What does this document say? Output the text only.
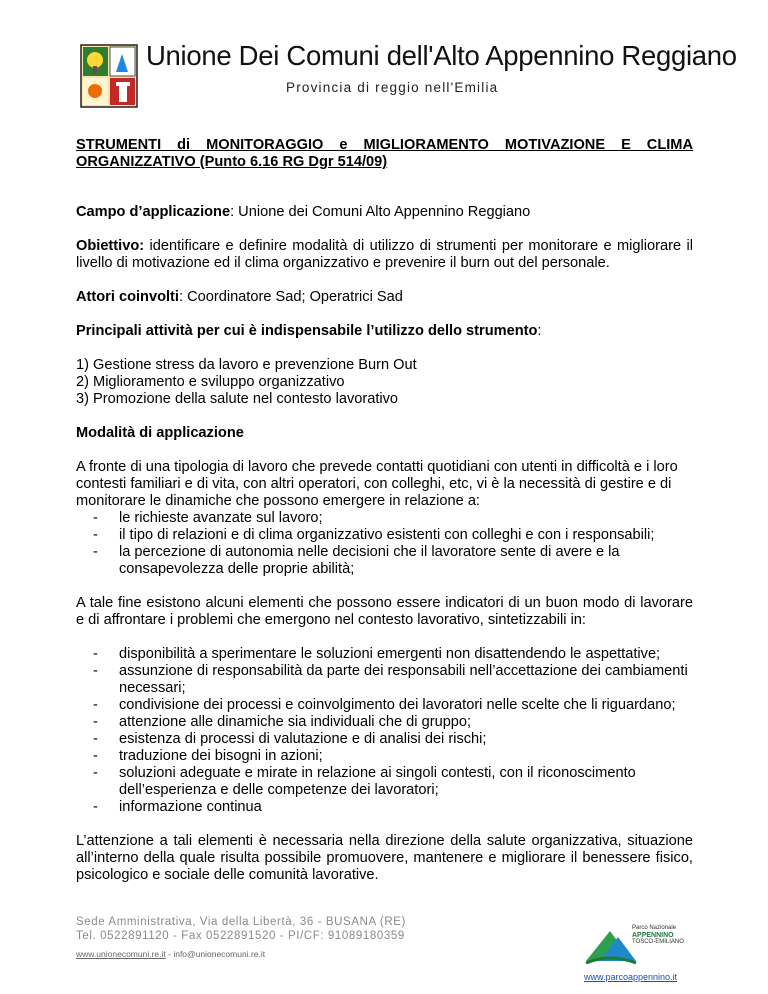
Unione Dei Comuni dell'Alto Appennino Reggiano
Provincia di reggio nell'Emilia

STRUMENTI di MONITORAGGIO e MIGLIORAMENTO MOTIVAZIONE E CLIMA ORGANIZZATIVO (Punto 6.16 RG Dgr 514/09)

Campo d’applicazione: Unione dei Comuni Alto Appennino Reggiano

Obiettivo: identificare e definire modalità di utilizzo di strumenti per monitorare e migliorare il livello di motivazione ed il clima organizzativo e prevenire il burn out del personale.

Attori coinvolti: Coordinatore Sad; Operatrici Sad

Principali attività per cui è indispensabile l’utilizzo dello strumento:

1) Gestione stress da lavoro e prevenzione Burn Out
2) Miglioramento e sviluppo organizzativo
3) Promozione della salute nel contesto lavorativo

Modalità di applicazione

A fronte di una tipologia di lavoro che prevede contatti quotidiani con utenti in difficoltà e i loro contesti familiari e di vita, con altri operatori, con colleghi, etc, vi è la necessità di gestire e di monitorare le dinamiche che possono emergere in relazione a:

- le richieste avanzate sul lavoro;
- il tipo di relazioni e di clima organizzativo esistenti con colleghi e con i responsabili;
- la percezione di autonomia nelle decisioni che il lavoratore sente di avere e la consapevolezza delle proprie abilità;

A tale fine esistono alcuni elementi che possono essere indicatori di un buon modo di lavorare e di affrontare i problemi che emergono nel contesto lavorativo, sintetizzabili in:

- disponibilità a sperimentare le soluzioni emergenti non disattendendo le aspettative;
- assunzione di responsabilità da parte dei responsabili nell’accettazione dei cambiamenti necessari;
- condivisione dei processi e coinvolgimento dei lavoratori nelle scelte che li riguardano;
- attenzione alle dinamiche sia individuali che di gruppo;
- esistenza di processi di valutazione e di analisi dei rischi;
- traduzione dei bisogni in azioni;
- soluzioni adeguate e mirate in relazione ai singoli contesti, con il riconoscimento dell’esperienza e delle competenze dei lavoratori;
- informazione continua

L’attenzione a tali elementi è necessaria nella direzione della salute organizzativa, situazione all’interno della quale risulta possibile promuovere, mantenere e migliorare il benessere fisico, psicologico e sociale delle comunità lavorative.

Sede Amministrativa, Via della Libertà, 36 - BUSANA (RE)
Tel. 0522891120 - Fax 0522891520 - PI/CF: 91089180359
www.unionecomuni.re.it - info@unionecomuni.re.it
Parco Nazionale
APPENNINO
TOSCO-EMILIANO
www.parcoappennino.it
